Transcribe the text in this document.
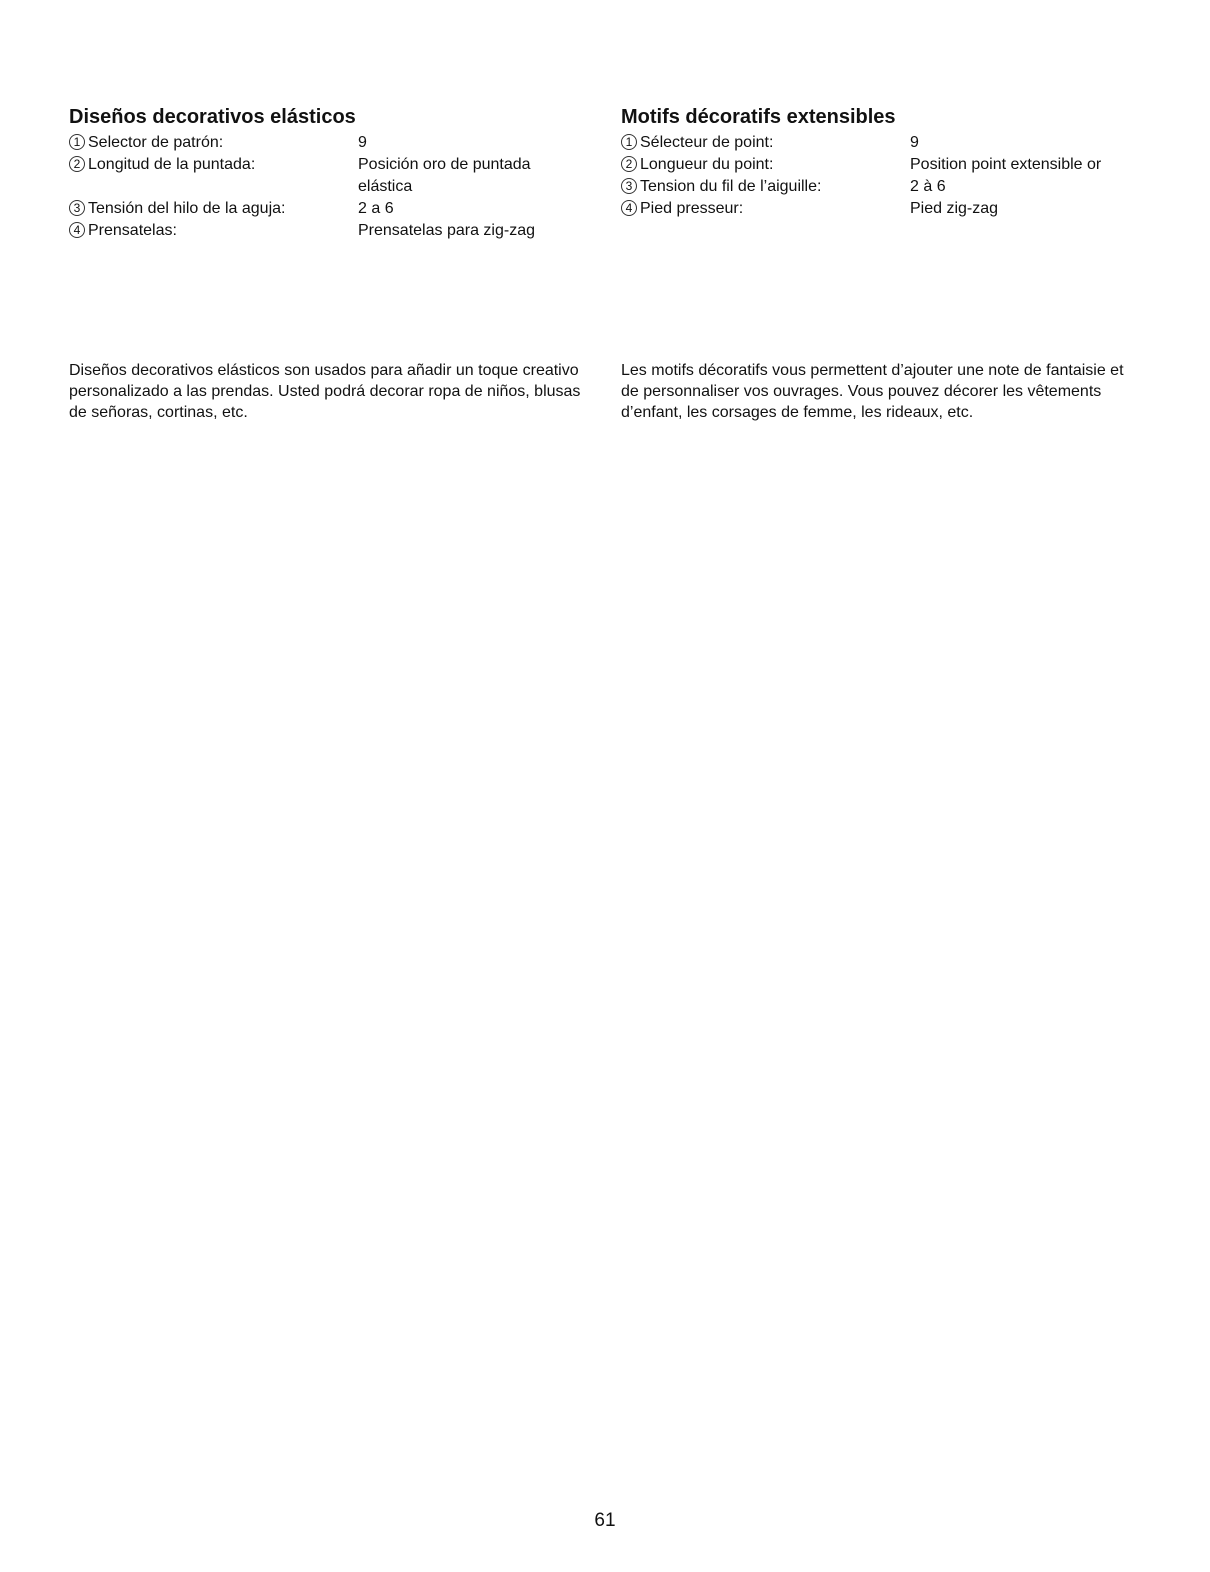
Diseños decorativos elásticos
1 Selector de patrón:	9
2 Longitud de la puntada:	Posición oro de puntada elástica
3 Tensión del hilo de la aguja:	2 a 6
4 Prensatelas:	Prensatelas para zig-zag
Motifs décoratifs extensibles
1 Sélecteur de point:	9
2 Longueur du point:	Position point extensible or
3 Tension du fil de l’aiguille:	2 à 6
4 Pied presseur:	Pied zig-zag

Diseños decorativos elásticos son usados para añadir un toque creativo personalizado a las prendas. Usted podrá decorar ropa de niños, blusas de señoras, cortinas, etc.

Les motifs décoratifs vous permettent d’ajouter une note de fantaisie et de personnaliser vos ouvrages. Vous pouvez décorer les vêtements d’enfant, les corsages de femme, les rideaux, etc.

61
